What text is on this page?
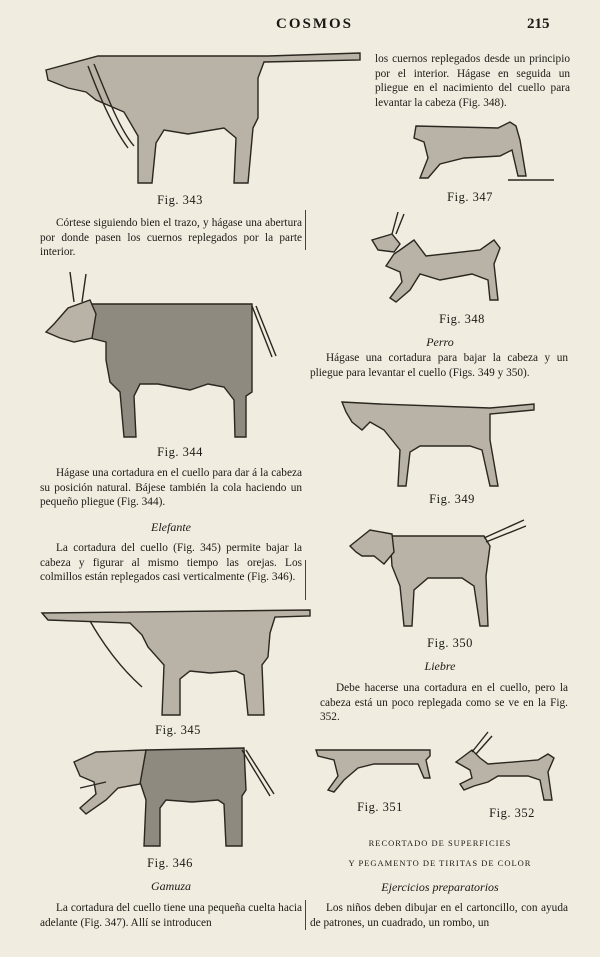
COSMOS	215
Fig. 343
Córtese siguiendo bien el trazo, y hágase una abertura por donde pasen los cuernos replegados por la parte interior.
Fig. 344
Hágase una cortadura en el cuello para dar á la cabeza su posición natural. Bájese también la cola haciendo un pequeño pliegue (Fig. 344).
Elefante
La cortadura del cuello (Fig. 345) permite bajar la cabeza y figurar al mismo tiempo las orejas. Los colmillos están replegados casi verticalmente (Fig. 346).
Fig. 345
Fig. 346
Gamuza
La cortadura del cuello tiene una pequeña cuelta hacia adelante (Fig. 347). Allí se introducen
los cuernos replegados desde un principio por el interior. Hágase en seguida un pliegue en el nacimiento del cuello para levantar la cabeza (Fig. 348).
Fig. 347
Fig. 348
Perro
Hágase una cortadura para bajar la cabeza y un pliegue para levantar el cuello (Figs. 349 y 350).
Fig. 349
Fig. 350
Liebre
Debe hacerse una cortadura en el cuello, pero la cabeza está un poco replegada como se ve en la Fig. 352.
Fig. 351	Fig. 352
RECORTADO DE SUPERFICIES
Y PEGAMENTO DE TIRITAS DE COLOR
Ejercicios preparatorios
Los niños deben dibujar en el cartoncillo, con ayuda de patrones, un cuadrado, un rombo, un
